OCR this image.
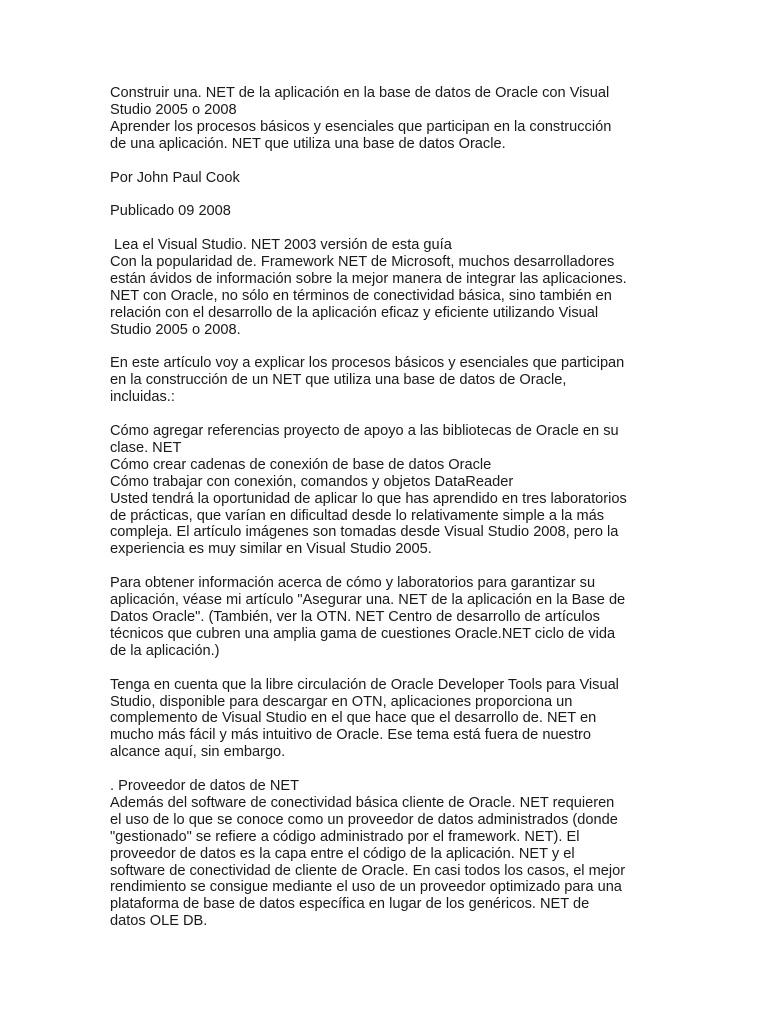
Construir una. NET de la aplicación en la base de datos de Oracle con Visual
Studio 2005 o 2008
Aprender los procesos básicos y esenciales que participan en la construcción
de una aplicación. NET que utiliza una base de datos Oracle.
Por John Paul Cook
Publicado 09 2008
Lea el Visual Studio. NET 2003 versión de esta guía
Con la popularidad de. Framework NET de Microsoft, muchos desarrolladores
están ávidos de información sobre la mejor manera de integrar las aplicaciones.
NET con Oracle, no sólo en términos de conectividad básica, sino también en
relación con el desarrollo de la aplicación eficaz y eficiente utilizando Visual
Studio 2005 o 2008.
En este artículo voy a explicar los procesos básicos y esenciales que participan
en la construcción de un NET que utiliza una base de datos de Oracle,
incluidas.:
Cómo agregar referencias proyecto de apoyo a las bibliotecas de Oracle en su
clase. NET
Cómo crear cadenas de conexión de base de datos Oracle
Cómo trabajar con conexión, comandos y objetos DataReader
Usted tendrá la oportunidad de aplicar lo que has aprendido en tres laboratorios
de prácticas, que varían en dificultad desde lo relativamente simple a la más
compleja. El artículo imágenes son tomadas desde Visual Studio 2008, pero la
experiencia es muy similar en Visual Studio 2005.
Para obtener información acerca de cómo y laboratorios para garantizar su
aplicación, véase mi artículo "Asegurar una. NET de la aplicación en la Base de
Datos Oracle". (También, ver la OTN. NET Centro de desarrollo de artículos
técnicos que cubren una amplia gama de cuestiones Oracle.NET ciclo de vida
de la aplicación.)
Tenga en cuenta que la libre circulación de Oracle Developer Tools para Visual
Studio, disponible para descargar en OTN, aplicaciones proporciona un
complemento de Visual Studio en el que hace que el desarrollo de. NET en
mucho más fácil y más intuitivo de Oracle. Ese tema está fuera de nuestro
alcance aquí, sin embargo.
. Proveedor de datos de NET
Además del software de conectividad básica cliente de Oracle. NET requieren
el uso de lo que se conoce como un proveedor de datos administrados (donde
"gestionado" se refiere a código administrado por el framework. NET). El
proveedor de datos es la capa entre el código de la aplicación. NET y el
software de conectividad de cliente de Oracle. En casi todos los casos, el mejor
rendimiento se consigue mediante el uso de un proveedor optimizado para una
plataforma de base de datos específica en lugar de los genéricos. NET de
datos OLE DB.
